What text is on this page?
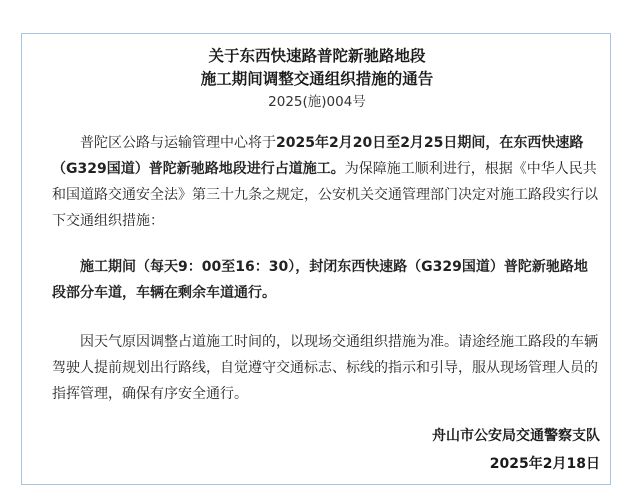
关于东西快速路普陀新驰路地段
施工期间调整交通组织措施的通告
2025(施)004号
普陀区公路与运输管理中心将于2025年2月20日至2月25日期间，在东西快速路
（G329国道）普陀新驰路地段进行占道施工。为保障施工顺利进行，根据《中华人民共
和国道路交通安全法》第三十九条之规定，公安机关交通管理部门决定对施工路段实行以
下交通组织措施：
施工期间（每天9：00至16：30），封闭东西快速路（G329国道）普陀新驰路地
段部分车道，车辆在剩余车道通行。
因天气原因调整占道施工时间的，以现场交通组织措施为准。请途经施工路段的车辆
驾驶人提前规划出行路线，自觉遵守交通标志、标线的指示和引导，服从现场管理人员的
指挥管理，确保有序安全通行。
舟山市公安局交通警察支队
2025年2月18日
